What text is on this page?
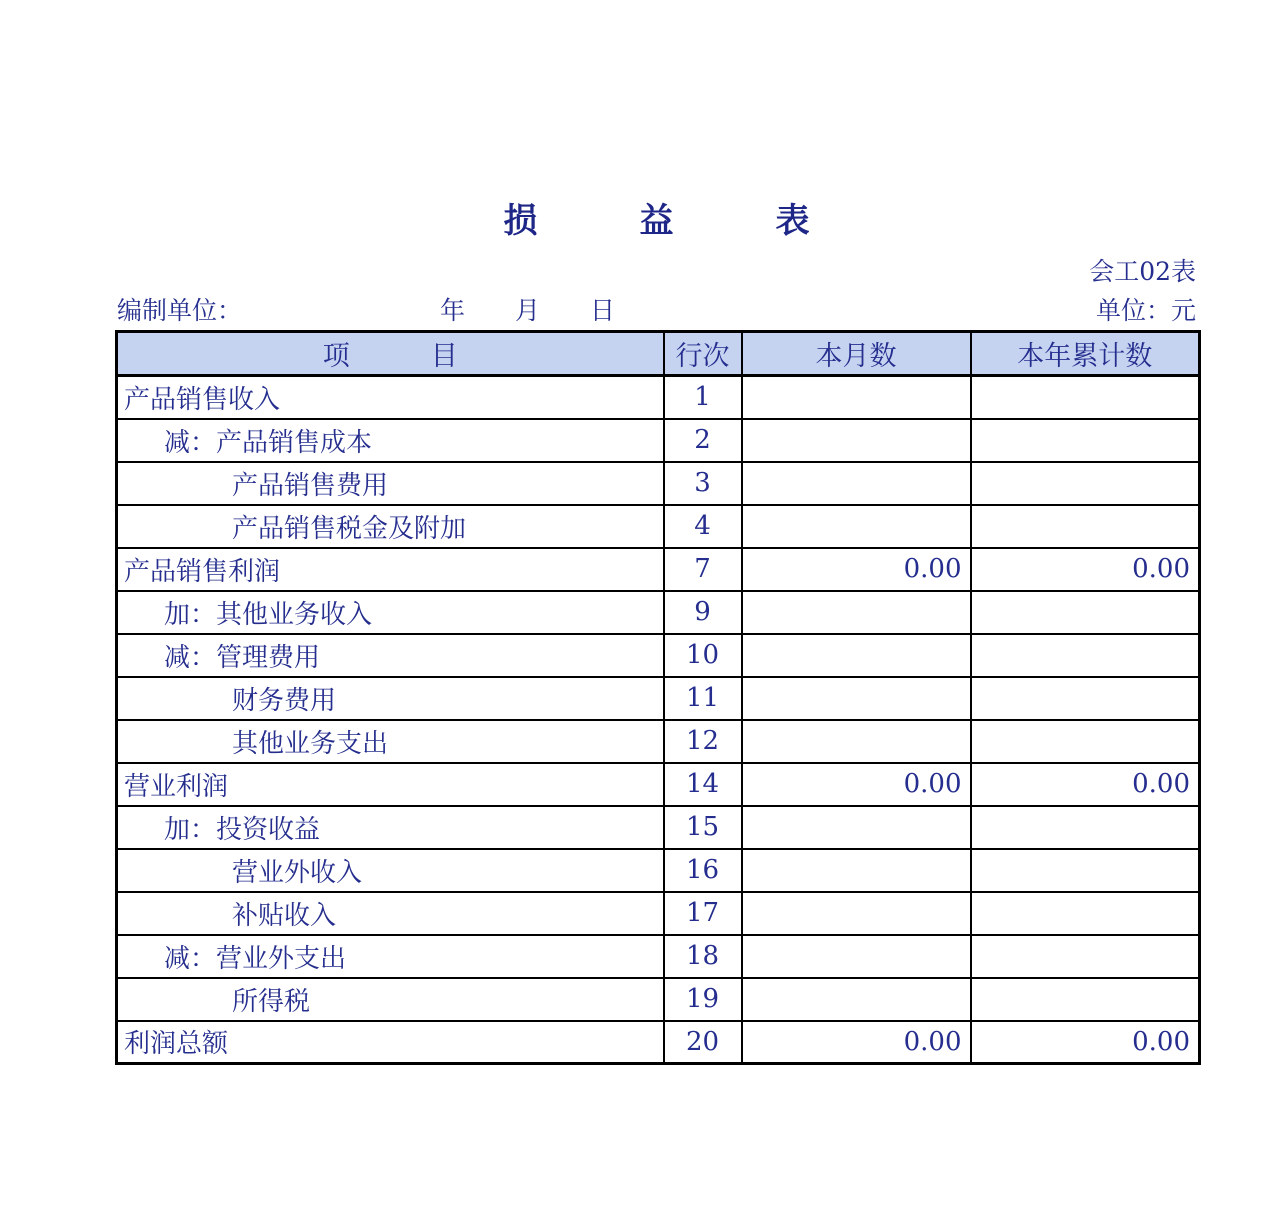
损　　　益　　　表
会工02表
编制单位：	年　　月　　日	单位：元
项　　　目	行次	本月数	本年累计数
产品销售收入	1		
减：产品销售成本	2		
产品销售费用	3		
产品销售税金及附加	4		
产品销售利润	7	0.00	0.00
加：其他业务收入	9		
减：管理费用	10		
财务费用	11		
其他业务支出	12		
营业利润	14	0.00	0.00
加：投资收益	15		
营业外收入	16		
补贴收入	17		
减：营业外支出	18		
所得税	19		
利润总额	20	0.00	0.00
